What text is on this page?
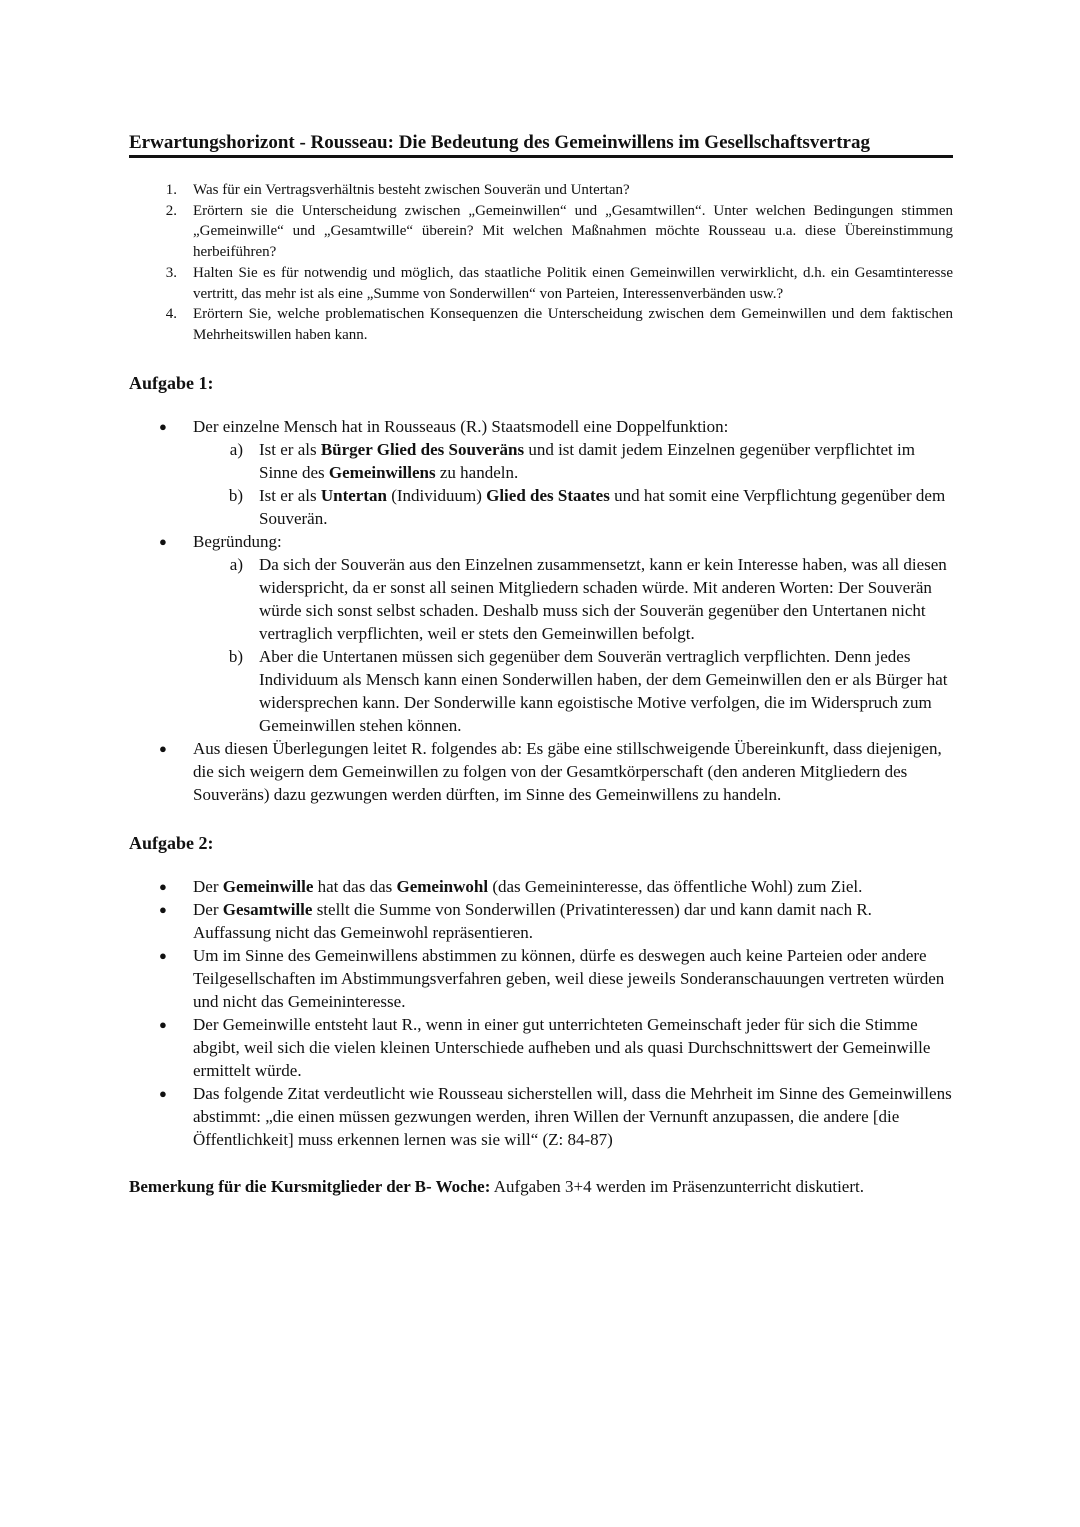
Erwartungshorizont - Rousseau: Die Bedeutung des Gemeinwillens im Gesellschaftsvertrag
1.	Was für ein Vertragsverhältnis besteht zwischen Souverän und Untertan?
2.	Erörtern sie die Unterscheidung zwischen „Gemeinwillen“ und „Gesamtwillen“. Unter welchen Bedingungen stimmen „Gemeinwille“ und „Gesamtwille“ überein? Mit welchen Maßnahmen möchte Rousseau u.a. diese Übereinstimmung herbeiführen?
3.	Halten Sie es für notwendig und möglich, das staatliche Politik einen Gemeinwillen verwirklicht, d.h. ein Gesamtinteresse vertritt, das mehr ist als eine „Summe von Sonderwillen“ von Parteien, Interessenverbänden usw.?
4.	Erörtern Sie, welche problematischen Konsequenzen die Unterscheidung zwischen dem Gemeinwillen und dem faktischen Mehrheitswillen haben kann.
Aufgabe 1:
●	Der einzelne Mensch hat in Rousseaus (R.) Staatsmodell eine Doppelfunktion:
a) Ist er als Bürger Glied des Souveräns und ist damit jedem Einzelnen gegenüber verpflichtet im Sinne des Gemeinwillens zu handeln.
b) Ist er als Untertan (Individuum) Glied des Staates und hat somit eine Verpflichtung gegenüber dem Souverän.
●	Begründung:
a) Da sich der Souverän aus den Einzelnen zusammensetzt, kann er kein Interesse haben, was all diesen widerspricht, da er sonst all seinen Mitgliedern schaden würde. Mit anderen Worten: Der Souverän würde sich sonst selbst schaden. Deshalb muss sich der Souverän gegenüber den Untertanen nicht vertraglich verpflichten, weil er stets den Gemeinwillen befolgt.
b) Aber die Untertanen müssen sich gegenüber dem Souverän vertraglich verpflichten. Denn jedes Individuum als Mensch kann einen Sonderwillen haben, der dem Gemeinwillen den er als Bürger hat widersprechen kann. Der Sonderwille kann egoistische Motive verfolgen, die im Widerspruch zum Gemeinwillen stehen können.
●	Aus diesen Überlegungen leitet R. folgendes ab: Es gäbe eine stillschweigende Übereinkunft, dass diejenigen, die sich weigern dem Gemeinwillen zu folgen von der Gesamtkörperschaft (den anderen Mitgliedern des Souveräns) dazu gezwungen werden dürften, im Sinne des Gemeinwillens zu handeln.
Aufgabe 2:
●	Der Gemeinwille hat das das Gemeinwohl (das Gemeininteresse, das öffentliche Wohl) zum Ziel.
●	Der Gesamtwille stellt die Summe von Sonderwillen (Privatinteressen) dar und kann damit nach R. Auffassung nicht das Gemeinwohl repräsentieren.
●	Um im Sinne des Gemeinwillens abstimmen zu können, dürfe es deswegen auch keine Parteien oder andere Teilgesellschaften im Abstimmungsverfahren geben, weil diese jeweils Sonderanschauungen vertreten würden und nicht das Gemeininteresse.
●	Der Gemeinwille entsteht laut R., wenn in einer gut unterrichteten Gemeinschaft jeder für sich die Stimme abgibt, weil sich die vielen kleinen Unterschiede aufheben und als quasi Durchschnittswert der Gemeinwille ermittelt würde.
●	Das folgende Zitat verdeutlicht wie Rousseau sicherstellen will, dass die Mehrheit im Sinne des Gemeinwillens abstimmt: „die einen müssen gezwungen werden, ihren Willen der Vernunft anzupassen, die andere [die Öffentlichkeit] muss erkennen lernen was sie will“ (Z: 84-87)

Bemerkung für die Kursmitglieder der B- Woche: Aufgaben 3+4 werden im Präsenzunterricht diskutiert.
